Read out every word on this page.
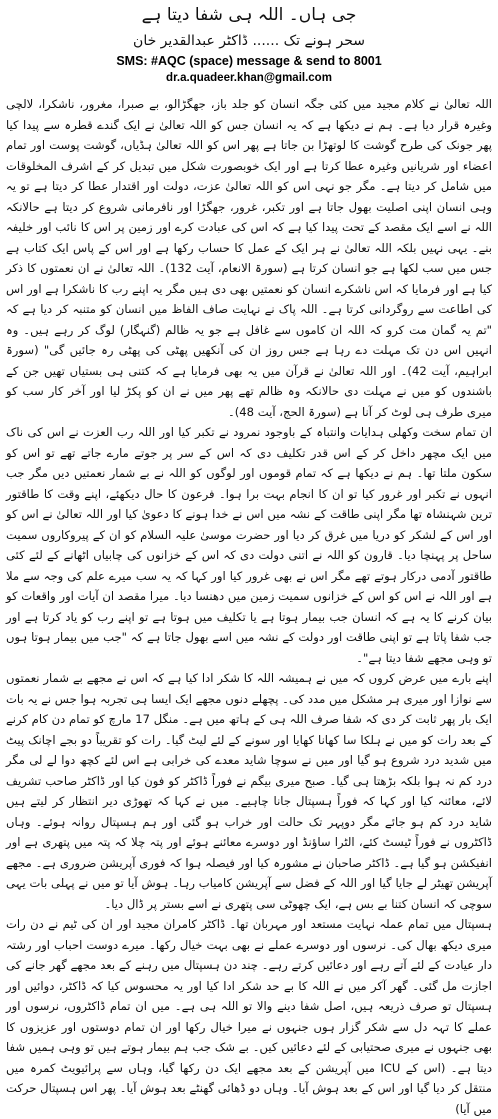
جی ہاں۔ اللہ ہی شفا دیتا ہے
سحر ہونے تک ...... ڈاکٹر عبدالقدیر خان
SMS: #AQC (space) message & send to 8001
dr.a.quadeer.khan@gmail.com

اللہ تعالیٰ نے کلام مجید میں کئی جگہ انسان کو جلد باز، جھگڑالو، بے صبرا، مغرور، ناشکرا، لالچی وغیرہ قرار دیا ہے۔ ہم نے دیکھا ہے کہ یہ انسان جس کو اللہ تعالیٰ نے ایک گندے قطرہ سے پیدا کیا پھر جونک کی طرح گوشت کا لوتھڑا بن جاتا ہے پھر اس کو اللہ تعالیٰ ہڈیاں، گوشت پوست اور تمام اعضاء اور شریانیں وغیرہ عطا کرتا ہے اور ایک خوبصورت شکل میں تبدیل کر کے اشرف المخلوقات میں شامل کر دیتا ہے۔ مگر جو نہی اس کو اللہ تعالیٰ عزت، دولت اور اقتدار عطا کر دیتا ہے تو یہ وہی انسان اپنی اصلیت بھول جاتا ہے اور تکبر، غرور، جھگڑا اور نافرمانی شروع کر دیتا ہے حالانکہ اللہ نے اسے ایک مقصد کے تحت پیدا کیا ہے کہ اس کی عبادت کرے اور زمین پر اس کا نائب اور خلیفہ بنے۔ یہی نہیں بلکہ اللہ تعالیٰ نے ہر ایک کے عمل کا حساب رکھا ہے اور اس کے پاس ایک کتاب ہے جس میں سب لکھا ہے جو انسان کرتا ہے (سورۃ الانعام، آیت 132)۔ اللہ تعالیٰ نے ان نعمتوں کا ذکر کیا ہے اور فرمایا کہ اس ناشکرے انسان کو نعمتیں بھی دی ہیں مگر یہ اپنے رب کا ناشکرا ہے اور اس کی اطاعت سے روگردانی کرتا ہے۔ اللہ پاک نے نہایت صاف الفاظ میں انسان کو متنبہ کر دیا ہے کہ "تم یہ گمان مت کرو کہ اللہ ان کاموں سے غافل ہے جو یہ ظالم (گنہگار) لوگ کر رہے ہیں۔ وہ انہیں اس دن تک مہلت دے رہا ہے جس روز ان کی آنکھیں پھٹی کی پھٹی رہ جائیں گی" (سورۃ ابراہیم، آیت 42)۔ اور اللہ تعالیٰ نے قرآن میں یہ بھی فرمایا ہے کہ کتنی ہی بستیاں تھیں جن کے باشندوں کو میں نے مہلت دی حالانکہ وہ ظالم تھے پھر میں نے ان کو پکڑ لیا اور آخر کار سب کو میری طرف ہی لوٹ کر آنا ہے (سورۃ الحج، آیت 48)۔

ان تمام سخت وکھلی ہدایات وانتباہ کے باوجود نمرود نے تکبر کیا اور اللہ رب العزت نے اس کی ناک میں ایک مچھر داخل کر کے اس قدر تکلیف دی کہ اس کے سر پر جوتے مارے جاتے تھے تو اس کو سکون ملتا تھا۔ ہم نے دیکھا ہے کہ تمام قوموں اور لوگوں کو اللہ نے بے شمار نعمتیں دیں مگر جب انہوں نے تکبر اور غرور کیا تو ان کا انجام بہت برا ہوا۔ فرعون کا حال دیکھئے، اپنے وقت کا طاقتور ترین شہنشاہ تھا مگر اپنی طاقت کے نشہ میں اس نے خدا ہونے کا دعویٰ کیا اور اللہ تعالیٰ نے اس کو اور اس کے لشکر کو دریا میں غرق کر دیا اور حضرت موسیٰ علیہ السلام کو ان کے پیروکاروں سمیت ساحل پر پہنچا دیا۔ قارون کو اللہ نے اتنی دولت دی کہ اس کے خزانوں کی چابیاں اٹھانے کے لئے کئی طاقتور آدمی درکار ہوتے تھے مگر اس نے بھی غرور کیا اور کہا کہ یہ سب میرے علم کی وجہ سے ملا ہے اور اللہ نے اس کو اس کے خزانوں سمیت زمین میں دھنسا دیا۔ میرا مقصد ان آیات اور واقعات کو بیان کرنے کا یہ ہے کہ انسان جب بیمار ہوتا ہے یا تکلیف میں ہوتا ہے تو اپنے رب کو یاد کرتا ہے اور جب شفا پاتا ہے تو اپنی طاقت اور دولت کے نشہ میں اسے بھول جاتا ہے کہ "جب میں بیمار ہوتا ہوں تو وہی مجھے شفا دیتا ہے"۔

اپنے بارے میں عرض کروں کہ میں نے ہمیشہ اللہ کا شکر ادا کیا ہے کہ اس نے مجھے بے شمار نعمتوں سے نوازا اور میری ہر مشکل میں مدد کی۔ پچھلے دنوں مجھے ایک ایسا ہی تجربہ ہوا جس نے یہ بات ایک بار پھر ثابت کر دی کہ شفا صرف اللہ ہی کے ہاتھ میں ہے۔ منگل 17 مارچ کو تمام دن کام کرنے کے بعد رات کو میں نے ہلکا سا کھانا کھایا اور سونے کے لئے لیٹ گیا۔ رات کو تقریباً دو بجے اچانک پیٹ میں شدید درد شروع ہو گیا اور میں نے سوچا شاید معدے کی خرابی ہے اس لئے کچھ دوا لے لی مگر درد کم نہ ہوا بلکہ بڑھتا ہی گیا۔ صبح میری بیگم نے فوراً ڈاکٹر کو فون کیا اور ڈاکٹر صاحب تشریف لائے، معائنہ کیا اور کہا کہ فوراً ہسپتال جانا چاہیے۔ میں نے کہا کہ تھوڑی دیر انتظار کر لیتے ہیں شاید درد کم ہو جائے مگر دوپہر تک حالت اور خراب ہو گئی اور ہم ہسپتال روانہ ہوئے۔ وہاں ڈاکٹروں نے فوراً ٹیسٹ کئے، الٹرا ساؤنڈ اور دوسرے معائنے ہوئے اور پتہ چلا کہ پتہ میں پتھری ہے اور انفیکشن ہو گیا ہے۔ ڈاکٹر صاحبان نے مشورہ کیا اور فیصلہ ہوا کہ فوری آپریشن ضروری ہے۔ مجھے آپریشن تھیٹر لے جایا گیا اور اللہ کے فضل سے آپریشن کامیاب رہا۔ ہوش آیا تو میں نے پہلی بات یہی سوچی کہ انسان کتنا بے بس ہے، ایک چھوٹی سی پتھری نے اسے بستر پر ڈال دیا۔

ہسپتال میں تمام عملہ نہایت مستعد اور مہربان تھا۔ ڈاکٹر کامران مجید اور ان کی ٹیم نے دن رات میری دیکھ بھال کی۔ نرسوں اور دوسرے عملے نے بھی بہت خیال رکھا۔ میرے دوست احباب اور رشتہ دار عیادت کے لئے آتے رہے اور دعائیں کرتے رہے۔ چند دن ہسپتال میں رہنے کے بعد مجھے گھر جانے کی اجازت مل گئی۔ گھر آکر میں نے اللہ کا بے حد شکر ادا کیا اور یہ محسوس کیا کہ ڈاکٹر، دوائیں اور ہسپتال تو صرف ذریعہ ہیں، اصل شفا دینے والا تو اللہ ہی ہے۔ میں ان تمام ڈاکٹروں، نرسوں اور عملے کا تہہ دل سے شکر گزار ہوں جنہوں نے میرا خیال رکھا اور ان تمام دوستوں اور عزیزوں کا بھی جنہوں نے میری صحتیابی کے لئے دعائیں کیں۔ بے شک جب ہم بیمار ہوتے ہیں تو وہی ہمیں شفا دیتا ہے۔ (اس کے ICU میں آپریشن کے بعد مجھے ایک دن رکھا گیا، وہاں سے پرائیویٹ کمرہ میں منتقل کر دیا گیا اور اس کے بعد ہوش آیا۔ وہاں دو ڈھائی گھنٹے بعد ہوش آیا۔ پھر اس ہسپتال حرکت میں آیا)
